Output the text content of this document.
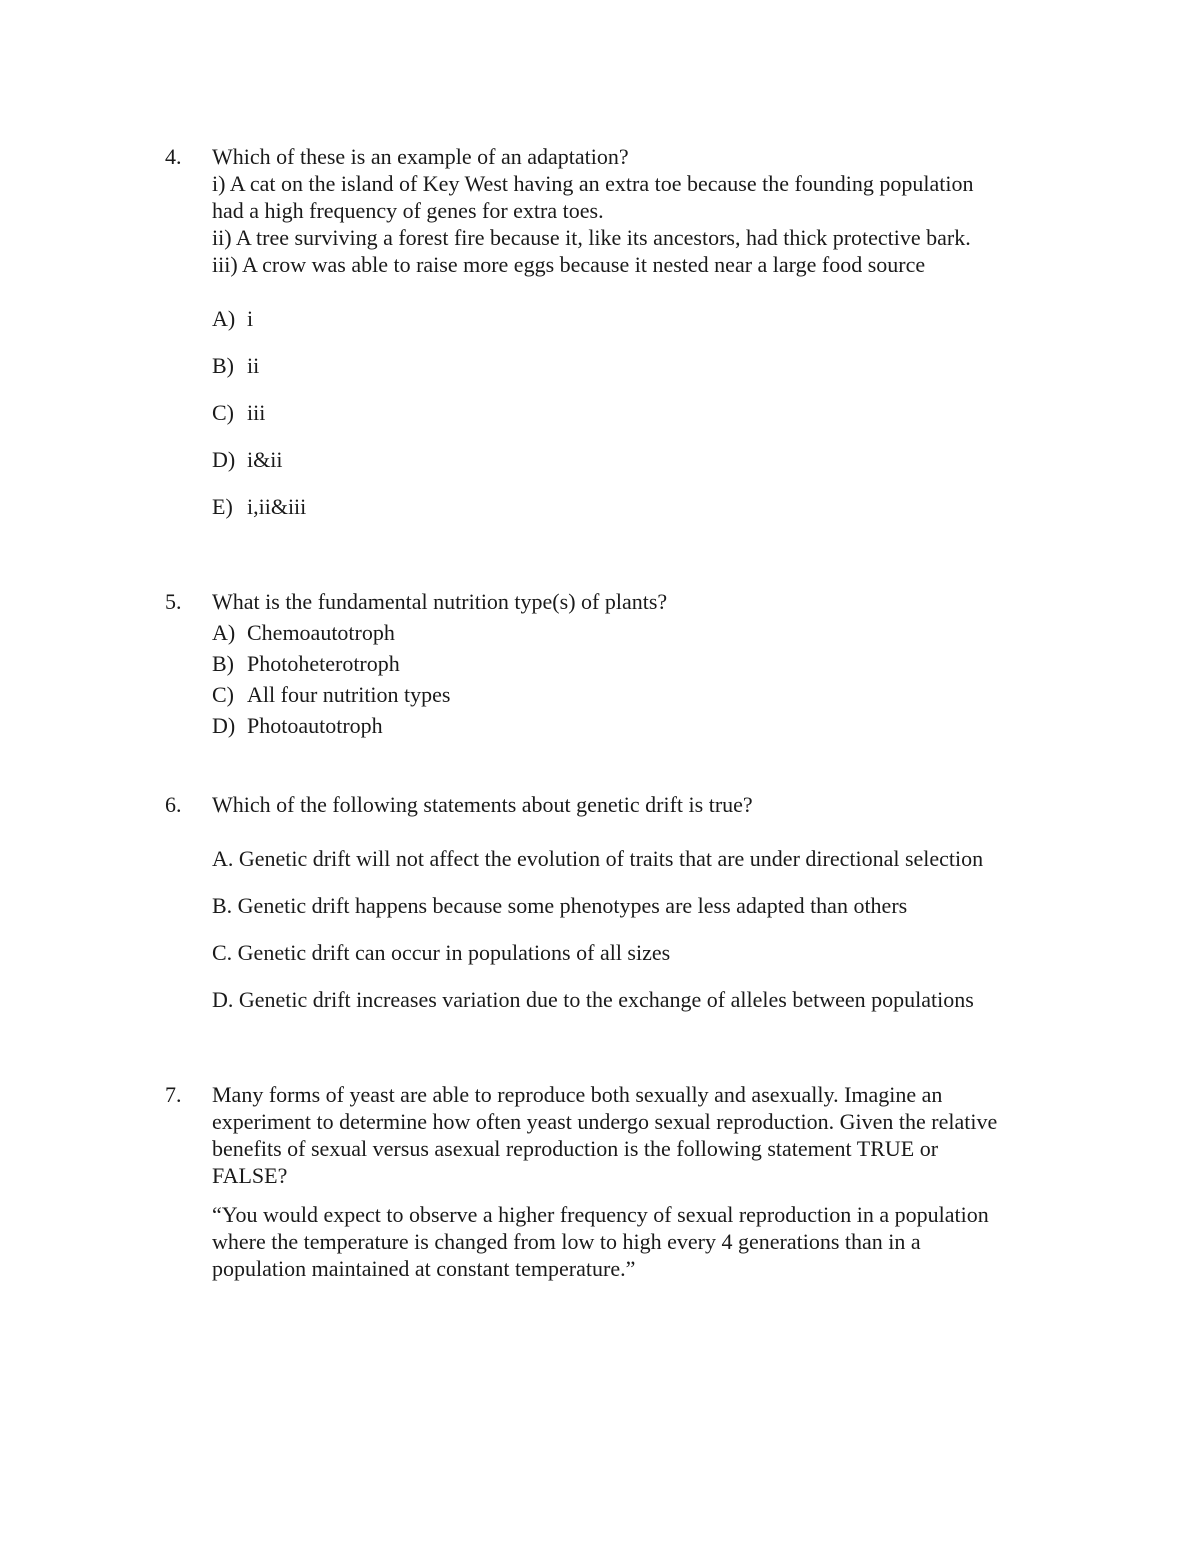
4.	Which of these is an example of an adaptation?
i) A cat on the island of Key West having an extra toe because the founding population
had a high frequency of genes for extra toes.
ii) A tree surviving a forest fire because it, like its ancestors, had thick protective bark.
iii) A crow was able to raise more eggs because it nested near a large food source
A) i
B) ii
C) iii
D) i&ii
E) i,ii&iii
5.	What is the fundamental nutrition type(s) of plants?
A) Chemoautotroph
B) Photoheterotroph
C) All four nutrition types
D) Photoautotroph
6.	Which of the following statements about genetic drift is true?
A. Genetic drift will not affect the evolution of traits that are under directional selection
B. Genetic drift happens because some phenotypes are less adapted than others
C. Genetic drift can occur in populations of all sizes
D. Genetic drift increases variation due to the exchange of alleles between populations
7.	Many forms of yeast are able to reproduce both sexually and asexually. Imagine an
experiment to determine how often yeast undergo sexual reproduction. Given the relative
benefits of sexual versus asexual reproduction is the following statement TRUE or
FALSE?
“You would expect to observe a higher frequency of sexual reproduction in a population
where the temperature is changed from low to high every 4 generations than in a
population maintained at constant temperature.”
